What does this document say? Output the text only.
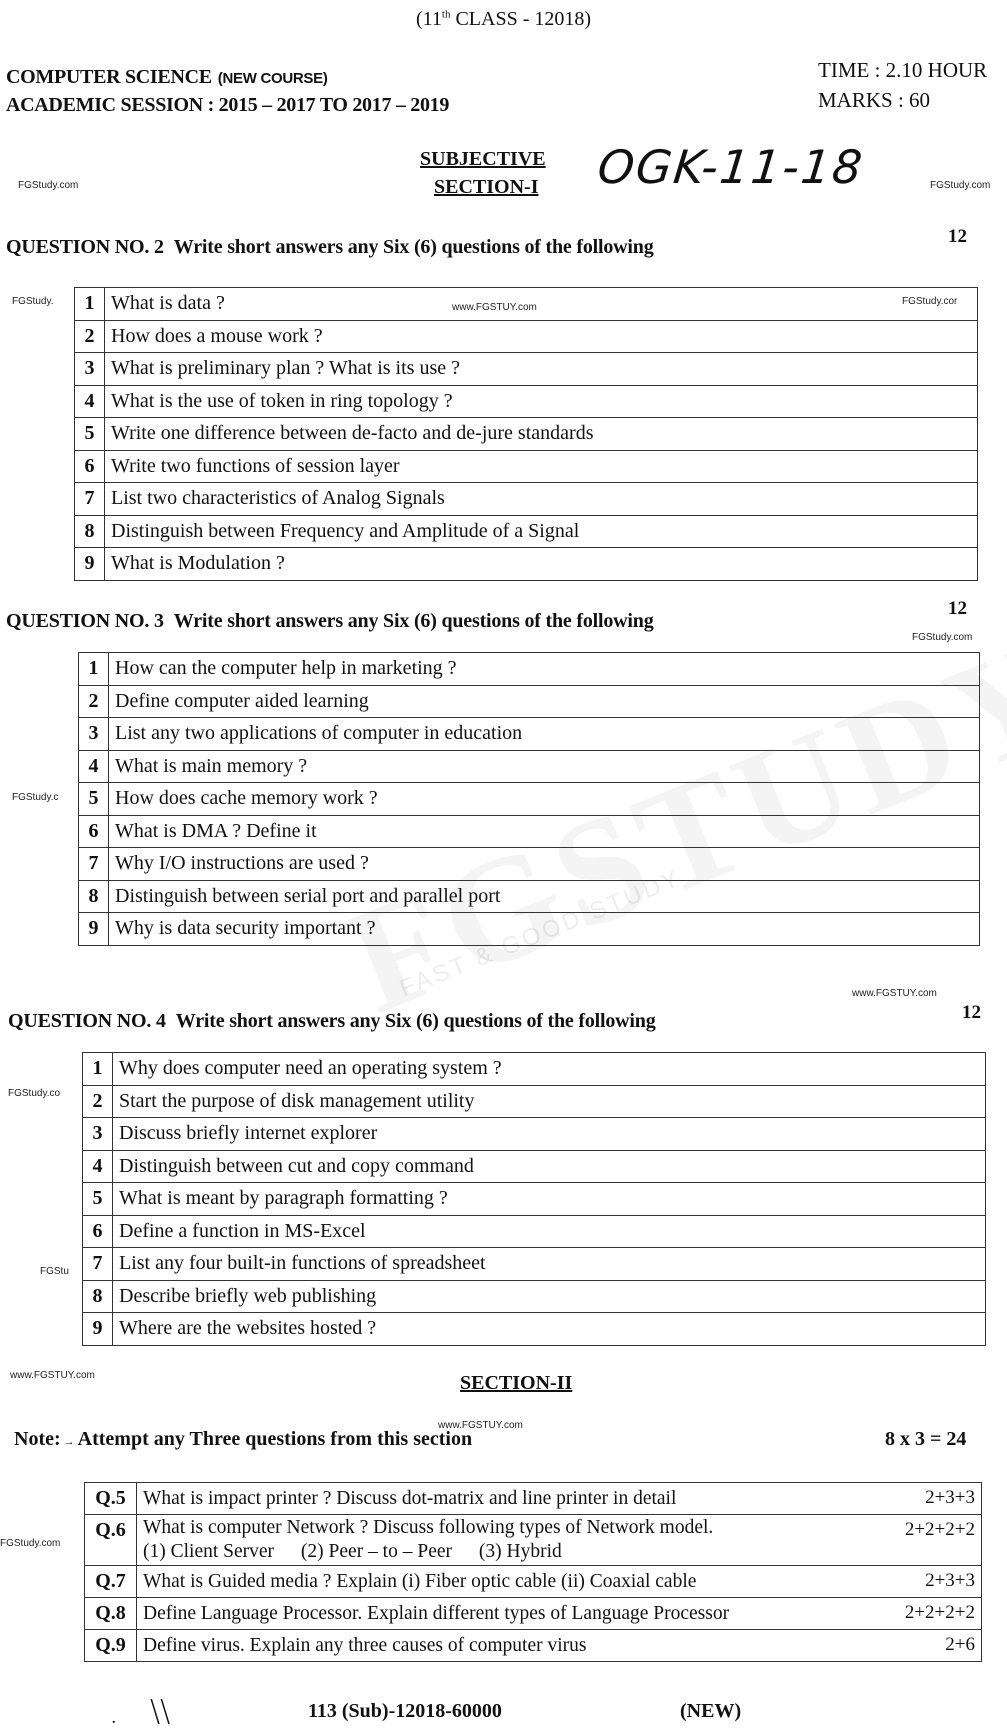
FAST & GOOD STUDY
(11th CLASS - 12018)
COMPUTER SCIENCE (NEW COURSE)
ACADEMIC SESSION : 2015 – 2017 TO 2017 – 2019
TIME : 2.10 HOUR
MARKS : 60
SUBJECTIVE
SECTION-I OGK-11-18
FGStudy.com	FGStudy.com
QUESTION NO. 2 Write short answers any Six (6) questions of the following	12
FGStudy.
www.FGSTUY.com
FGStudy.cor
1	What is data ?
2	How does a mouse work ?
3	What is preliminary plan ? What is its use ?
4	What is the use of token in ring topology ?
5	Write one difference between de-facto and de-jure standards
6	Write two functions of session layer
7	List two characteristics of Analog Signals
8	Distinguish between Frequency and Amplitude of a Signal
9	What is Modulation ?
QUESTION NO. 3 Write short answers any Six (6) questions of the following
12
FGStudy.com
FGStudy.c
1	How can the computer help in marketing ?
2	Define computer aided learning
3	List any two applications of computer in education
4	What is main memory ?
5	How does cache memory work ?
6	What is DMA ? Define it
7	Why I/O instructions are used ?
8	Distinguish between serial port and parallel port
9	Why is data security important ?
www.FGSTUY.com
QUESTION NO. 4 Write short answers any Six (6) questions of the following	12
FGStudy.co
FGStu
1	Why does computer need an operating system ?
2	Start the purpose of disk management utility
3	Discuss briefly internet explorer
4	Distinguish between cut and copy command
5	What is meant by paragraph formatting ?
6	Define a function in MS-Excel
7	List any four built-in functions of spreadsheet
8	Describe briefly web publishing
9	Where are the websites hosted ?
www.FGSTUY.com	SECTION-II
www.FGSTUY.com
Note: → Attempt any Three questions from this section	8 x 3 = 24
FGStudy.com
Q.5	What is impact printer ? Discuss dot-matrix and line printer in detail	2+3+3
Q.6	What is computer Network ? Discuss following types of Network model.
(1) Client Server (2) Peer – to – Peer (3) Hybrid	2+2+2+2
Q.7	What is Guided media ? Explain (i) Fiber optic cable (ii) Coaxial cable	2+3+3
Q.8	Define Language Processor. Explain different types of Language Processor	2+2+2+2
Q.9	Define virus. Explain any three causes of computer virus	2+6
. \\	113 (Sub)-12018-60000	(NEW)
